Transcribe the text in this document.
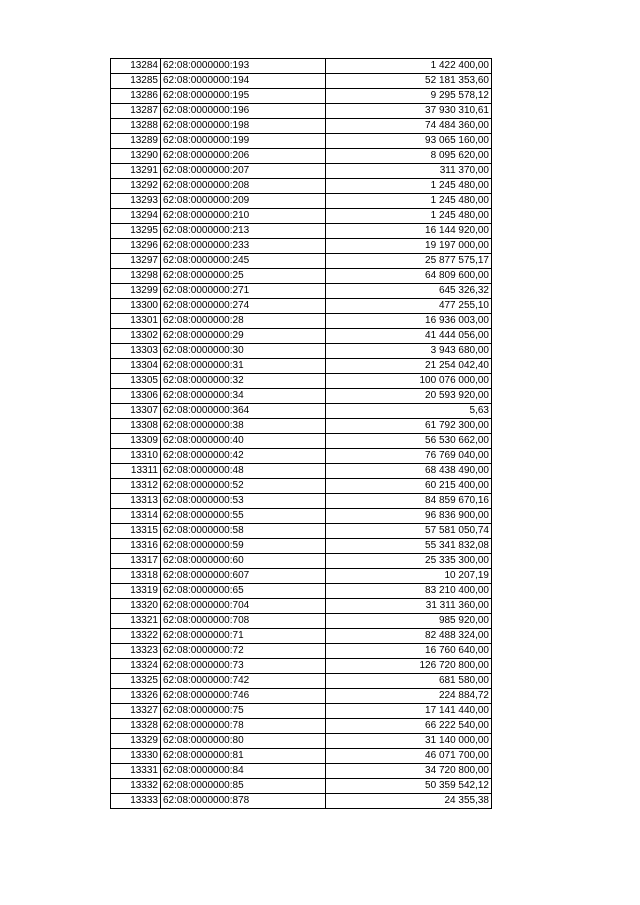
13284	62:08:0000000:193	1 422 400,00
13285	62:08:0000000:194	52 181 353,60
13286	62:08:0000000:195	9 295 578,12
13287	62:08:0000000:196	37 930 310,61
13288	62:08:0000000:198	74 484 360,00
13289	62:08:0000000:199	93 065 160,00
13290	62:08:0000000:206	8 095 620,00
13291	62:08:0000000:207	311 370,00
13292	62:08:0000000:208	1 245 480,00
13293	62:08:0000000:209	1 245 480,00
13294	62:08:0000000:210	1 245 480,00
13295	62:08:0000000:213	16 144 920,00
13296	62:08:0000000:233	19 197 000,00
13297	62:08:0000000:245	25 877 575,17
13298	62:08:0000000:25	64 809 600,00
13299	62:08:0000000:271	645 326,32
13300	62:08:0000000:274	477 255,10
13301	62:08:0000000:28	16 936 003,00
13302	62:08:0000000:29	41 444 056,00
13303	62:08:0000000:30	3 943 680,00
13304	62:08:0000000:31	21 254 042,40
13305	62:08:0000000:32	100 076 000,00
13306	62:08:0000000:34	20 593 920,00
13307	62:08:0000000:364	5,63
13308	62:08:0000000:38	61 792 300,00
13309	62:08:0000000:40	56 530 662,00
13310	62:08:0000000:42	76 769 040,00
13311	62:08:0000000:48	68 438 490,00
13312	62:08:0000000:52	60 215 400,00
13313	62:08:0000000:53	84 859 670,16
13314	62:08:0000000:55	96 836 900,00
13315	62:08:0000000:58	57 581 050,74
13316	62:08:0000000:59	55 341 832,08
13317	62:08:0000000:60	25 335 300,00
13318	62:08:0000000:607	10 207,19
13319	62:08:0000000:65	83 210 400,00
13320	62:08:0000000:704	31 311 360,00
13321	62:08:0000000:708	985 920,00
13322	62:08:0000000:71	82 488 324,00
13323	62:08:0000000:72	16 760 640,00
13324	62:08:0000000:73	126 720 800,00
13325	62:08:0000000:742	681 580,00
13326	62:08:0000000:746	224 884,72
13327	62:08:0000000:75	17 141 440,00
13328	62:08:0000000:78	66 222 540,00
13329	62:08:0000000:80	31 140 000,00
13330	62:08:0000000:81	46 071 700,00
13331	62:08:0000000:84	34 720 800,00
13332	62:08:0000000:85	50 359 542,12
13333	62:08:0000000:878	24 355,38
